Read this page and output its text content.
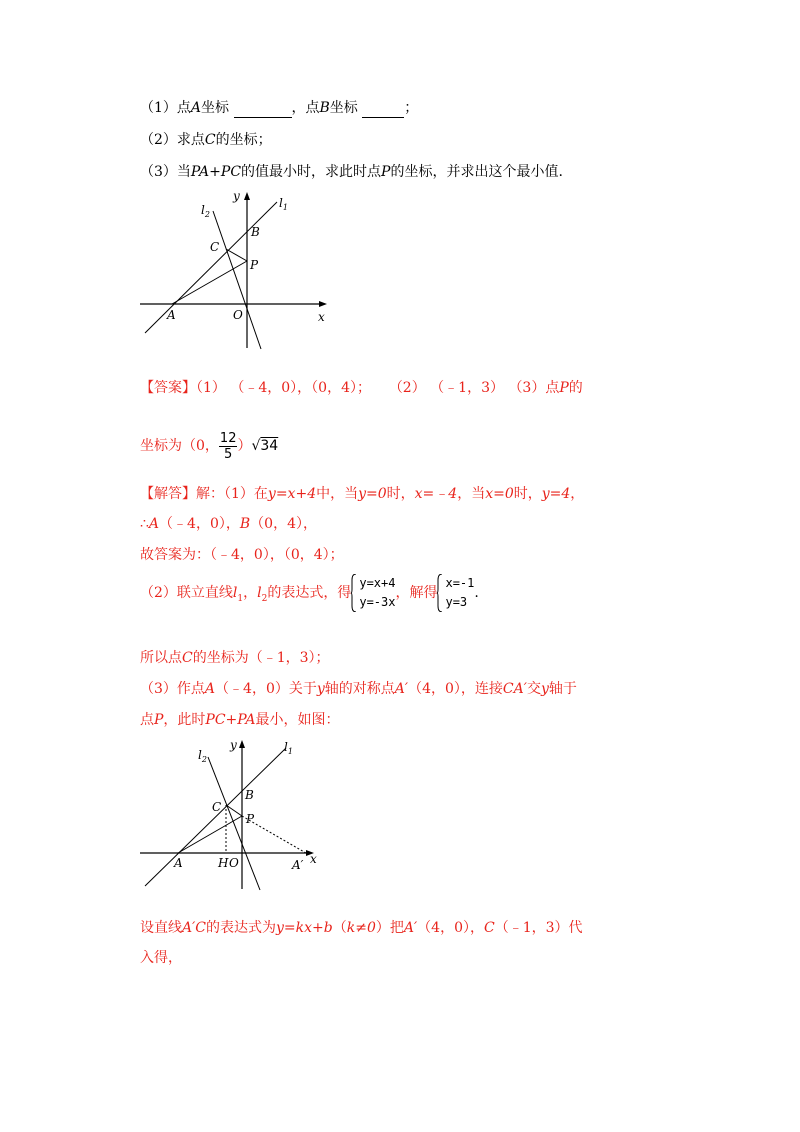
（1）点A坐标	，点B坐标	；
（2）求点C的坐标；
（3）当PA+PC的值最小时，求此时点P的坐标，并求出这个最小值.
y	$l_1$
$l_2$
C
B
P
A	O	x
【答案】（1） （﹣4，0），（0，4）； （2） （﹣1，3） （3）点P的
坐标为（0， $\frac{12}{5} )√34$
【解答】解：（1）在y=x+4中，当y=0时，x=﹣4，当x=0时，y=4，
∴A（﹣4，0），B（0，4），
故答案为：（﹣4，0），（0，4）；
（2）联立直线$l_1$，$l_2$的表达式，得
y=x+4
y=-3x
，解得
x=-1
y=3
.
所以点C的坐标为（﹣1，3）；
（3）作点A（﹣4，0）关于y轴的对称点A′（4，0），连接CA′交y轴于
点P，此时PC+PA最小，如图：
y	$l_1$
$l_2$
B
C
P
A	H O	A′ x
设直线A′C的表达式为y=kx+b（k≠0）把A′（4，0），C（﹣1，3）代
入得，
